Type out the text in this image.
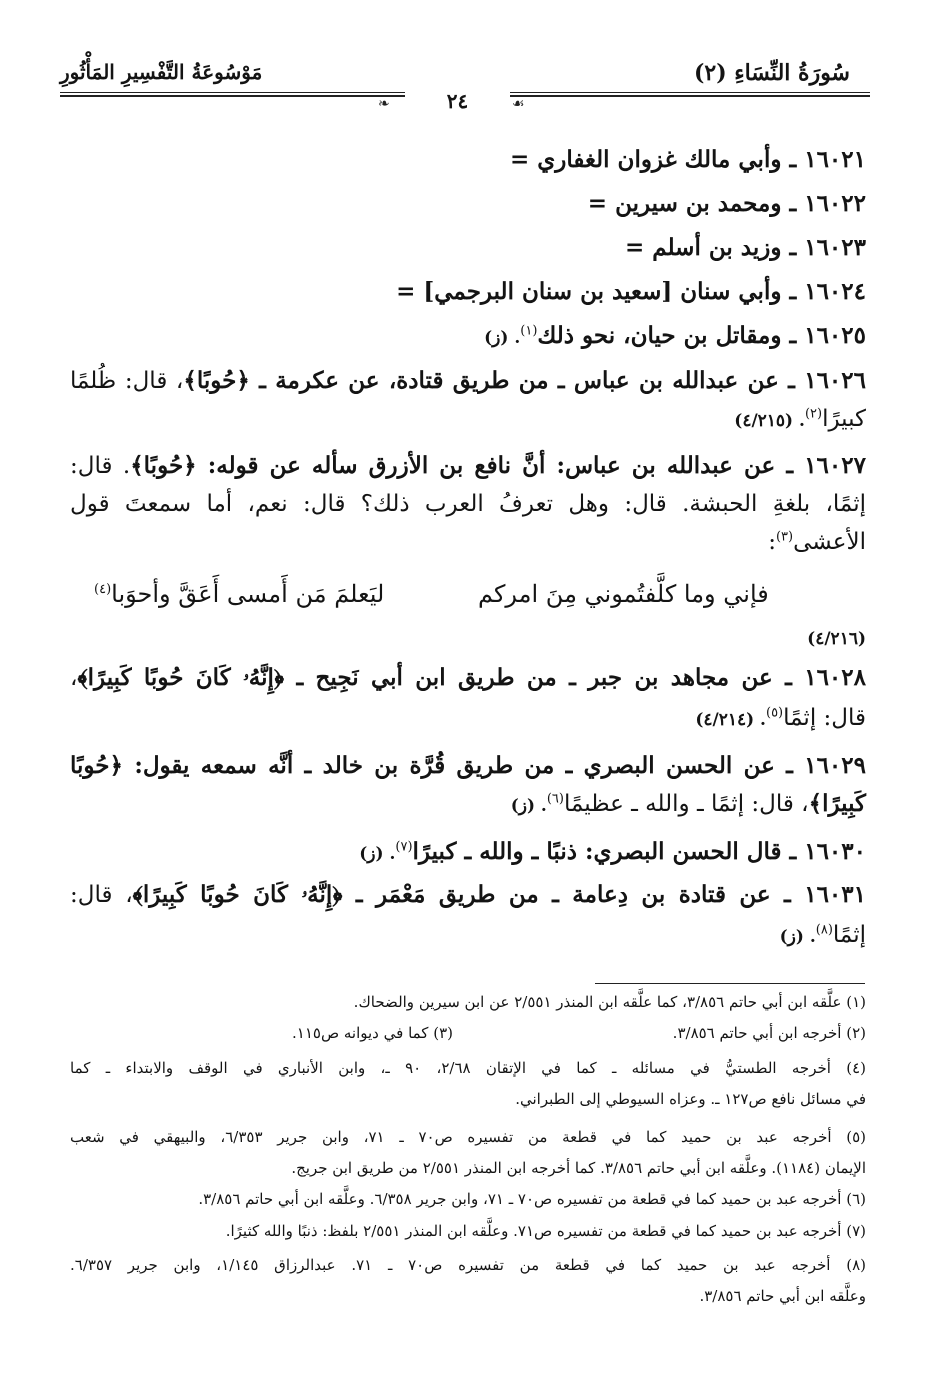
سُورَةُ النِّسَاءِ (٢)
مَوْسُوعَةُ التَّفْسِيرِ المَأْثُورِ
❧	☙
٢٤
١٦٠٢١ ـ وأبي مالك غزوان الغفاري =
١٦٠٢٢ ـ ومحمد بن سيرين =
١٦٠٢٣ ـ وزيد بن أسلم =
١٦٠٢٤ ـ وأبي سنان [سعيد بن سنان البرجمي] =
١٦٠٢٥ ـ ومقاتل بن حيان، نحو ذلك$^{(١)}$. (ز)
١٦٠٢٦ ـ عن عبدالله بن عباس ـ من طريق قتادة، عن عكرمة ـ ﴿حُوبًا﴾، قال: ظُلمًا
كبيرًا$^{(٢)}$. (٤/٢١٥)
١٦٠٢٧ ـ عن عبدالله بن عباس: أنَّ نافع بن الأزرق سأله عن قوله: ﴿حُوبًا﴾. قال:
إثمًا، بلغةِ الحبشة. قال: وهل تعرفُ العرب ذلك؟ قال: نعم، أما سمعتَ قول
الأعشى$^{(٣)}$:
فإني وما كلَّفتُموني مِنَ امركم
ليَعلمَ مَن أَمسى أَعَقَّ وأحوَبا$^{(٤)}$
(٤/٢١٦)
١٦٠٢٨ ـ عن مجاهد بن جبر ـ من طريق ابن أبي نَجِيح ـ ﴿إِنَّهُۥ كَانَ حُوبًا كَبِيرًا﴾،
قال: إثمًا$^{(٥)}$. (٤/٢١٤)
١٦٠٢٩ ـ عن الحسن البصري ـ من طريق قُرَّة بن خالد ـ أنَّه سمعه يقول: ﴿حُوبًا
كَبِيرًا﴾، قال: إثمًا ـ والله ـ عظيمًا$^{(٦)}$. (ز)
١٦٠٣٠ ـ قال الحسن البصري: ذنبًا ـ والله ـ كبيرًا$^{(٧)}$. (ز)
١٦٠٣١ ـ عن قتادة بن دِعامة ـ من طريق مَعْمَر ـ ﴿إِنَّهُۥ كَانَ حُوبًا كَبِيرًا﴾، قال:
إثمًا$^{(٨)}$. (ز)
(١) علَّقه ابن أبي حاتم ٣/٨٥٦، كما علَّقه ابن المنذر ٢/٥٥١ عن ابن سيرين والضحاك.
(٢) أخرجه ابن أبي حاتم ٣/٨٥٦.
(٣) كما في ديوانه ص١١٥.
(٤) أخرجه الطستيُّ في مسائله ـ كما في الإتقان ٢/٦٨، ٩٠ ـ، وابن الأنباري في الوقف والابتداء ـ كما
في مسائل نافع ص١٢٧ ـ. وعزاه السيوطي إلى الطبراني.
(٥) أخرجه عبد بن حميد كما في قطعة من تفسيره ص٧٠ ـ ٧١، وابن جرير ٦/٣٥٣، والبيهقي في شعب
الإيمان (١١٨٤). وعلَّقه ابن أبي حاتم ٣/٨٥٦. كما أخرجه ابن المنذر ٢/٥٥١ من طريق ابن جريج.
(٦) أخرجه عبد بن حميد كما في قطعة من تفسيره ص٧٠ ـ ٧١، وابن جرير ٦/٣٥٨. وعلَّقه ابن أبي حاتم ٣/٨٥٦.
(٧) أخرجه عبد بن حميد كما في قطعة من تفسيره ص٧١. وعلَّقه ابن المنذر ٢/٥٥١ بلفظ: ذنبًا والله كثيرًا.
(٨) أخرجه عبد بن حميد كما في قطعة من تفسيره ص٧٠ ـ ٧١. عبدالرزاق ١/١٤٥، وابن جرير ٦/٣٥٧.
وعلَّقه ابن أبي حاتم ٣/٨٥٦.
